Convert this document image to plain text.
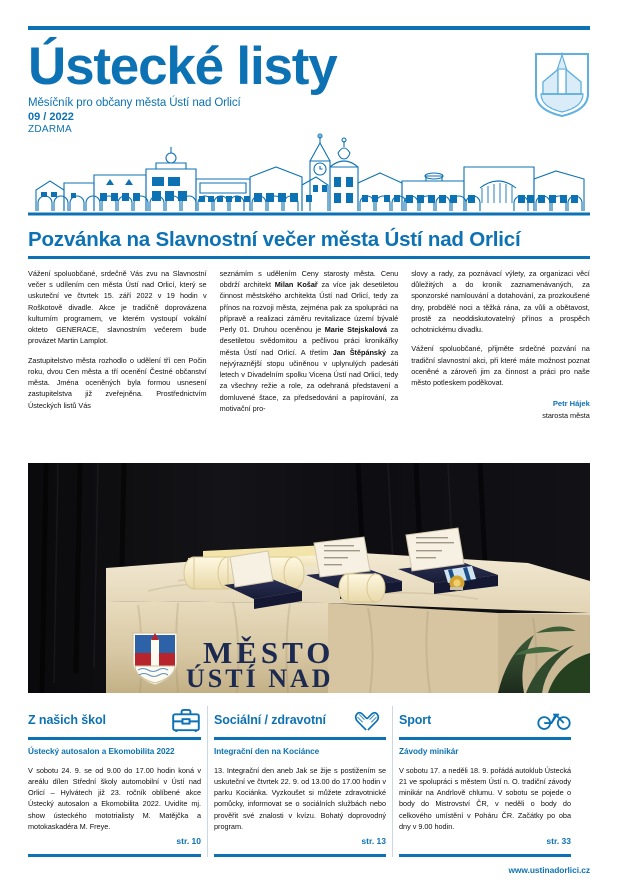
Ústecké listy
Měsíčník pro občany města Ústí nad Orlicí
09 / 2022
ZDARMA
Pozvánka na Slavnostní večer města Ústí nad Orlicí

Vážení spoluobčané, srdečně Vás zvu na Slavnostní večer s udílením cen města Ústí nad Orlicí, který se uskuteční ve čtvrtek 15. září 2022 v 19 hodin v Roškotově divadle. Akce je tradičně doprovázena kulturním programem, ve kterém vystoupí vokální okteto GENERACE, slavnostním večerem bude provázet Martin Lamplot.

Zastupitelstvo města rozhodlo o udělení tří cen Počin roku, dvou Cen města a tří ocenění Čestné občanství města. Jména oceněných byla formou usnesení zastupitelstva již zveřejněna. Prostřednictvím Ústeckých listů Vás

seznámím s udělením Ceny starosty města. Cenu obdrží architekt Milan Košař za více jak desetiletou činnost městského architekta Ústí nad Orlicí, tedy za přínos na rozvoji města, zejména pak za spolupráci na přípravě a realizaci záměru revitalizace území bývalé Perly 01. Druhou oceněnou je Marie Stejskalová za desetiletou svědomitou a pečlivou práci kronikářky města Ústí nad Orlicí. A třetím Jan Štěpánský za nejvýraznější stopu učiněnou v uplynulých padesáti letech v Divadelním spolku Vicena Ústí nad Orlicí, tedy za všechny režie a role, za odehraná představení a domluvené štace, za předsedování a papírování, za motivační pro-

slovy a rady, za poznávací výlety, za organizaci věcí důležitých a do kronik zaznamenávaných, za sponzorské namlouvání a dotahování, za prozkoušené dny, probdělé noci a těžká rána, za vůli a obětavost, prostě za neoddiskutovatelný přínos a prospěch ochotnickému divadlu.

Vážení spoluobčané, přijměte srdečné pozvání na tradiční slavnostní akci, při které máte možnost poznat oceněné a zároveň jim za činnost a práci pro naše město potleskem poděkovat.

Petr Hájek
starosta města
MĚSTO
ÚSTÍ NAD
Z našich škol
Ústecký autosalon a Ekomobilita 2022
V sobotu 24. 9. se od 9.00 do 17.00 hodin koná v areálu dílen Střední školy automobilní v Ústí nad Orlicí – Hylvátech již 23. ročník oblíbené akce Ústecký autosalon a Ekomobilita 2022. Uvidíte mj. show ústeckého mototrialisty M. Matějčka a motokaskadéra M. Freye.
str. 10
Sociální / zdravotní
Integrační den na Kociánce
13. Integrační den aneb Jak se žije s postižením se uskuteční ve čtvrtek 22. 9. od 13.00 do 17.00 hodin v parku Kociánka. Vyzkoušet si můžete zdravotnické pomůcky, informovat se o sociálních službách nebo prověřit své znalosti v kvízu. Bohatý doprovodný program.
str. 13
Sport
Závody minikár
V sobotu 17. a neděli 18. 9. pořádá autoklub Ústecká 21 ve spolupráci s městem Ústí n. O. tradiční závody minikár na Andrlově chlumu. V sobotu se pojede o body do Mistrovství ČR, v neděli o body do celkového umístění v Poháru ČR. Začátky po oba dny v 9.00 hodin.
str. 33
www.ustinadorlici.cz
